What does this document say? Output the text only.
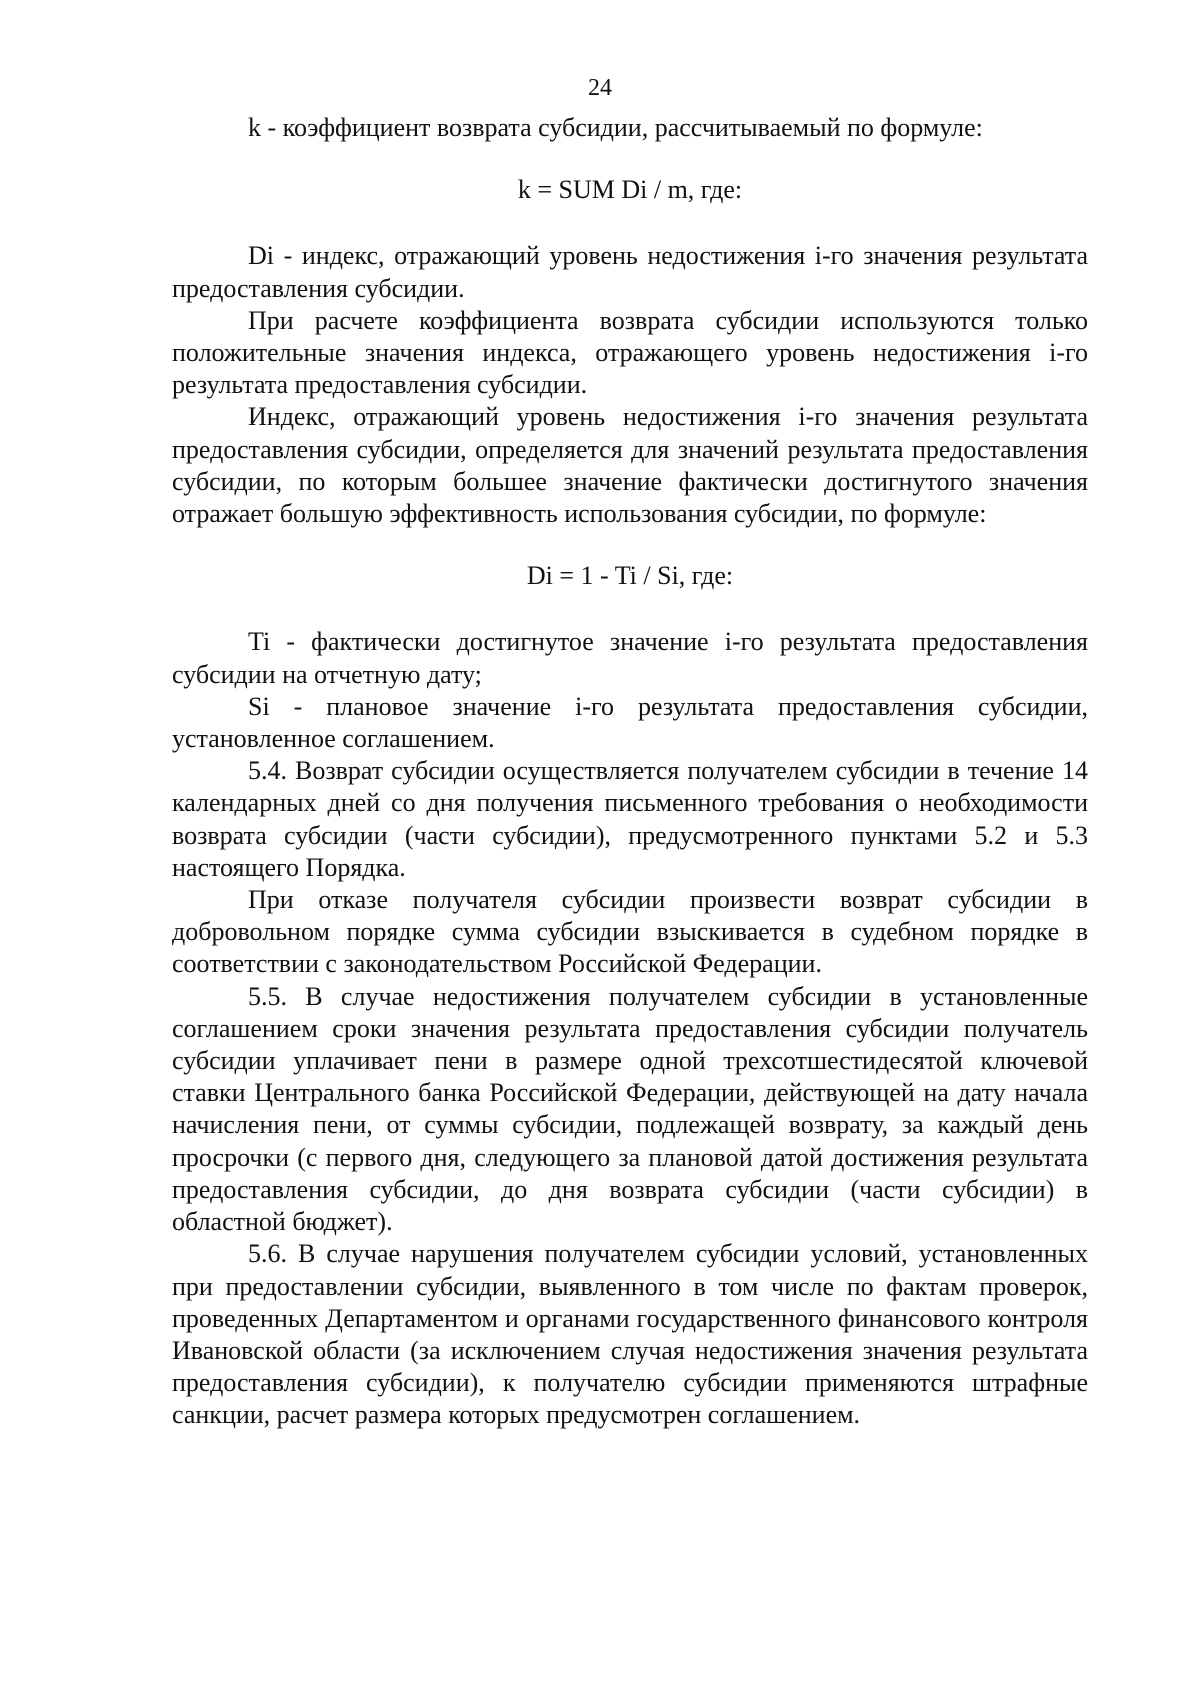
24

k - коэффициент возврата субсидии, рассчитываемый по формуле:

k = SUM Di / m, где:

Di - индекс, отражающий уровень недостижения i-го значения результата предоставления субсидии.

При расчете коэффициента возврата субсидии используются только положительные значения индекса, отражающего уровень недостижения i-го результата предоставления субсидии.

Индекс, отражающий уровень недостижения i-го значения результата предоставления субсидии, определяется для значений результата предоставления субсидии, по которым большее значение фактически достигнутого значения отражает большую эффективность использования субсидии, по формуле:

Di = 1 - Ti / Si, где:

Ti - фактически достигнутое значение i-го результата предоставления субсидии на отчетную дату;

Si - плановое значение i-го результата предоставления субсидии, установленное соглашением.

5.4. Возврат субсидии осуществляется получателем субсидии в течение 14 календарных дней со дня получения письменного требования о необходимости возврата субсидии (части субсидии), предусмотренного пунктами 5.2 и 5.3 настоящего Порядка.

При отказе получателя субсидии произвести возврат субсидии в добровольном порядке сумма субсидии взыскивается в судебном порядке в соответствии с законодательством Российской Федерации.

5.5. В случае недостижения получателем субсидии в установленные соглашением сроки значения результата предоставления субсидии получатель субсидии уплачивает пени в размере одной трехсотшестидесятой ключевой ставки Центрального банка Российской Федерации, действующей на дату начала начисления пени, от суммы субсидии, подлежащей возврату, за каждый день просрочки (с первого дня, следующего за плановой датой достижения результата предоставления субсидии, до дня возврата субсидии (части субсидии) в областной бюджет).

5.6. В случае нарушения получателем субсидии условий, установленных при предоставлении субсидии, выявленного в том числе по фактам проверок, проведенных Департаментом и органами государственного финансового контроля Ивановской области (за исключением случая недостижения значения результата предоставления субсидии), к получателю субсидии применяются штрафные санкции, расчет размера которых предусмотрен соглашением.
